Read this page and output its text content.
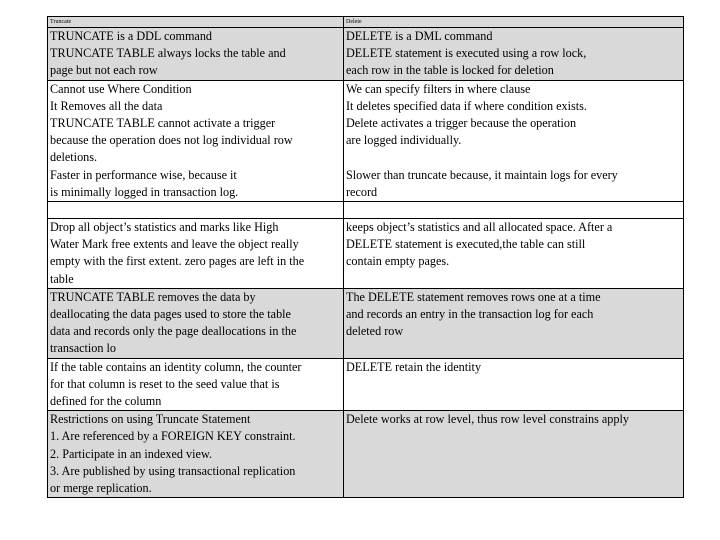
Truncate	Delete
TRUNCATE is a DDL command
TRUNCATE TABLE always locks the table and
page but not each row
DELETE is a DML command
DELETE statement is executed using a row lock,
each row in the table is locked for deletion
Cannot use Where Condition
It Removes all the data
TRUNCATE TABLE cannot activate a trigger
because the operation does not log individual row
deletions.
Faster in performance wise, because it
is minimally logged in transaction log.
We can specify filters in where clause
It deletes specified data if where condition exists.
Delete activates a trigger because the operation
are logged individually.

Slower than truncate because, it maintain logs for every
record
Drop all object’s statistics and marks like High
Water Mark free extents and leave the object really
empty with the first extent. zero pages are left in the
table
keeps object’s statistics and all allocated space. After a
DELETE statement is executed,the table can still
contain empty pages.
TRUNCATE TABLE removes the data by
deallocating the data pages used to store the table
data and records only the page deallocations in the
transaction lo
The DELETE statement removes rows one at a time
and records an entry in the transaction log for each
deleted row
If the table contains an identity column, the counter
for that column is reset to the seed value that is
defined for the column
DELETE retain the identity
Restrictions on using Truncate Statement
1. Are referenced by a FOREIGN KEY constraint.
2. Participate in an indexed view.
3. Are published by using transactional replication
or merge replication.
Delete works at row level, thus row level constrains apply
